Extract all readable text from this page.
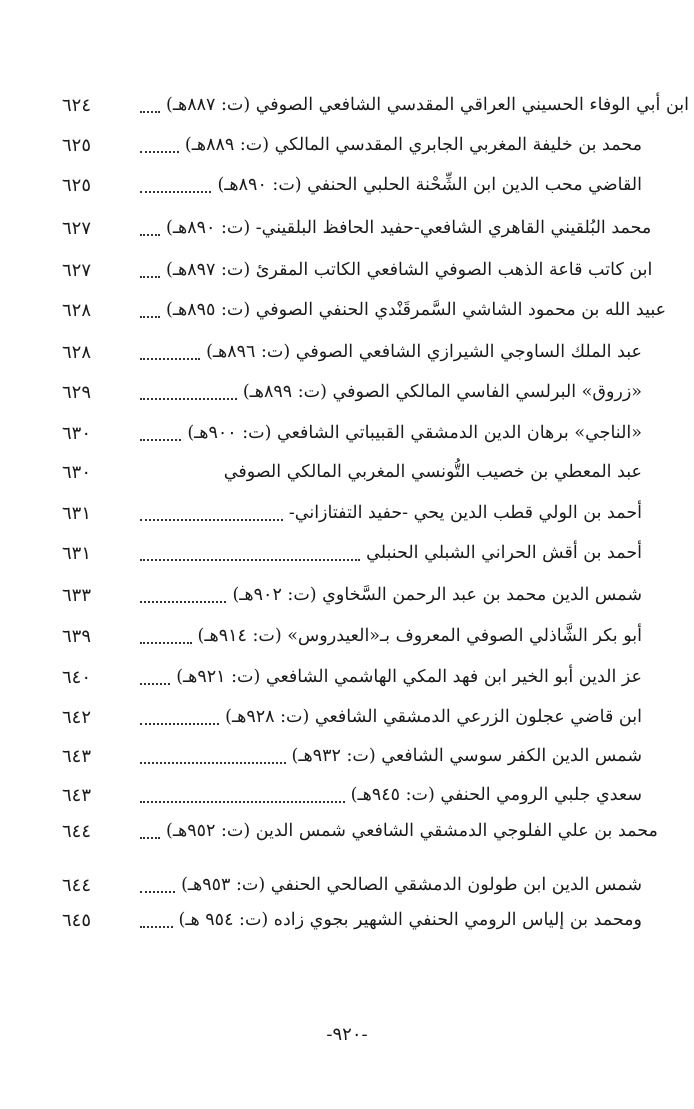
٦٢٤	ابن أبي الوفاء الحسيني العراقي المقدسي الشافعي الصوفي (ت: ٨٨٧هـ)
٦٢٥	محمد بن خليفة المغربي الجابري المقدسي المالكي (ت: ٨٨٩هـ)
٦٢٥	القاضي محب الدين ابن الشِّحْنة الحلبي الحنفي (ت: ٨٩٠هـ)
٦٢٧	محمد البُلقيني القاهري الشافعي-حفيد الحافظ البلقيني- (ت: ٨٩٠هـ)
٦٢٧	ابن كاتب قاعة الذهب الصوفي الشافعي الكاتب المقرئ (ت: ٨٩٧هـ)
٦٢٨	عبيد الله بن محمود الشاشي السَّمرقَنْدي الحنفي الصوفي (ت: ٨٩٥هـ)
٦٢٨	عبد الملك الساوجي الشيرازي الشافعي الصوفي (ت: ٨٩٦هـ)
٦٢٩	«زروق» البرلسي الفاسي المالكي الصوفي (ت: ٨٩٩هـ)
٦٣٠	«الناجي» برهان الدين الدمشقي القبيباتي الشافعي (ت: ٩٠٠هـ)
٦٣٠	عبد المعطي بن خصيب التُّونسي المغربي المالكي الصوفي
٦٣١	أحمد بن الولي قطب الدين يحي -حفيد التفتازاني-
٦٣١	أحمد بن أقش الحراني الشبلي الحنبلي
٦٣٣	شمس الدين محمد بن عبد الرحمن السَّخاوي (ت: ٩٠٢هـ)
٦٣٩	أبو بكر الشَّاذلي الصوفي المعروف بـ«العيدروس» (ت: ٩١٤هـ)
٦٤٠	عز الدين أبو الخير ابن فهد المكي الهاشمي الشافعي (ت: ٩٢١هـ)
٦٤٢	ابن قاضي عجلون الزرعي الدمشقي الشافعي (ت: ٩٢٨هـ)
٦٤٣	شمس الدين الكفر سوسي الشافعي (ت: ٩٣٢هـ)
٦٤٣	سعدي جلبي الرومي الحنفي (ت: ٩٤٥هـ)
٦٤٤	محمد بن علي الفلوجي الدمشقي الشافعي شمس الدين (ت: ٩٥٢هـ)
٦٤٤	شمس الدين ابن طولون الدمشقي الصالحي الحنفي (ت: ٩٥٣هـ)
٦٤٥	ومحمد بن إلياس الرومي الحنفي الشهير بجوي زاده (ت: ٩٥٤ هـ)
-٩٢٠-
